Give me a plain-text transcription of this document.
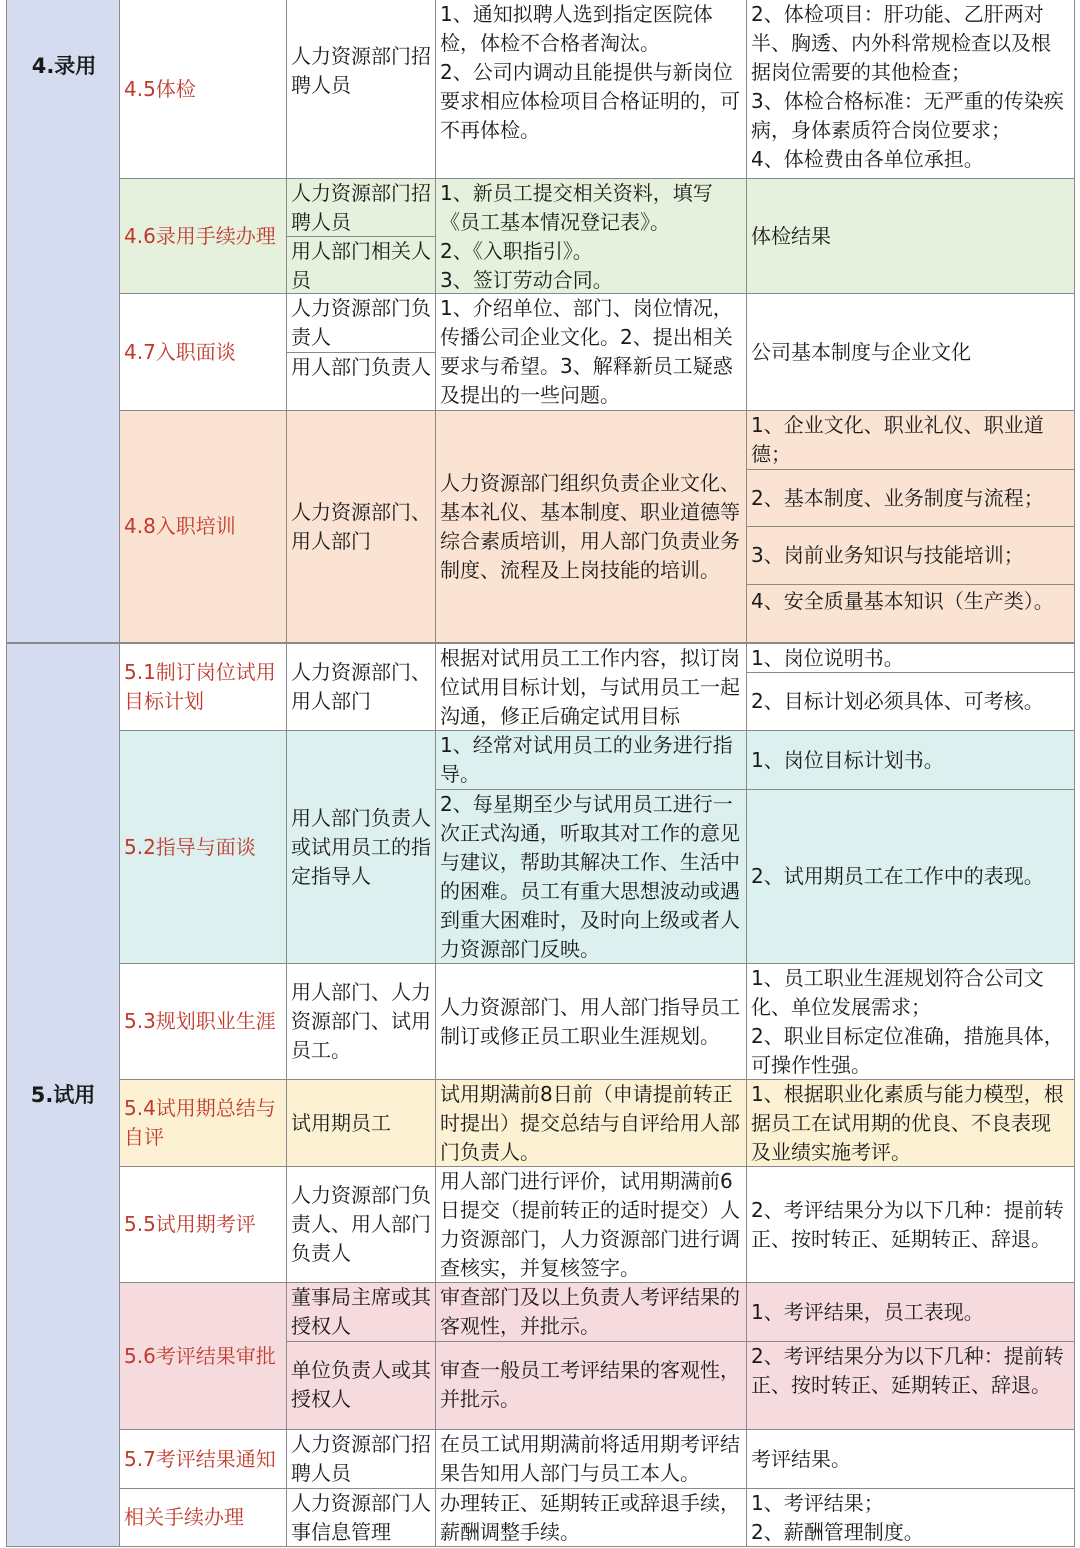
4.录用
5.试用
4.5体检
人力资源部门招聘人员
1、通知拟聘人选到指定医院体检，体检不合格者淘汰。
2、公司内调动且能提供与新岗位要求相应体检项目合格证明的，可不再体检。
2、体检项目：肝功能、乙肝两对半、胸透、内外科常规检查以及根据岗位需要的其他检查；
3、体检合格标准：无严重的传染疾病，身体素质符合岗位要求；
4、体检费由各单位承担。
4.6录用手续办理
人力资源部门招聘人员
用人部门相关人员
1、新员工提交相关资料，填写《员工基本情况登记表》。
2、《入职指引》。
3、签订劳动合同。
体检结果
4.7入职面谈
人力资源部门负责人
用人部门负责人
1、介绍单位、部门、岗位情况，传播公司企业文化。2、提出相关要求与希望。3、解释新员工疑惑及提出的一些问题。
公司基本制度与企业文化
4.8入职培训
人力资源部门、用人部门
人力资源部门组织负责企业文化、基本礼仪、基本制度、职业道德等综合素质培训，用人部门负责业务制度、流程及上岗技能的培训。
1、企业文化、职业礼仪、职业道德；
2、基本制度、业务制度与流程；
3、岗前业务知识与技能培训；
4、安全质量基本知识（生产类）。
5.1制订岗位试用目标计划
人力资源部门、用人部门
根据对试用员工工作内容，拟订岗位试用目标计划，与试用员工一起沟通，修正后确定试用目标
1、岗位说明书。
2、目标计划必须具体、可考核。
5.2指导与面谈
用人部门负责人或试用员工的指定指导人
1、经常对试用员工的业务进行指导。
2、每星期至少与试用员工进行一次正式沟通，听取其对工作的意见与建议，帮助其解决工作、生活中的困难。员工有重大思想波动或遇到重大困难时，及时向上级或者人力资源部门反映。
1、岗位目标计划书。
2、试用期员工在工作中的表现。
5.3规划职业生涯
用人部门、人力资源部门、试用员工。
人力资源部门、用人部门指导员工制订或修正员工职业生涯规划。
1、员工职业生涯规划符合公司文化、单位发展需求；
2、职业目标定位准确，措施具体，可操作性强。
5.4试用期总结与自评
试用期员工
试用期满前8日前（申请提前转正时提出）提交总结与自评给用人部门负责人。
1、根据职业化素质与能力模型，根据员工在试用期的优良、不良表现及业绩实施考评。
5.5试用期考评
人力资源部门负责人、用人部门负责人
用人部门进行评价，试用期满前6日提交（提前转正的适时提交）人力资源部门，人力资源部门进行调查核实，并复核签字。
2、考评结果分为以下几种：提前转正、按时转正、延期转正、辞退。
5.6考评结果审批
董事局主席或其授权人
单位负责人或其授权人
审查部门及以上负责人考评结果的客观性，并批示。
审查一般员工考评结果的客观性，并批示。
1、考评结果，员工表现。
2、考评结果分为以下几种：提前转正、按时转正、延期转正、辞退。
5.7考评结果通知
人力资源部门招聘人员
在员工试用期满前将适用期考评结果告知用人部门与员工本人。
考评结果。
相关手续办理
人力资源部门人事信息管理
办理转正、延期转正或辞退手续，薪酬调整手续。
1、考评结果；
2、薪酬管理制度。
